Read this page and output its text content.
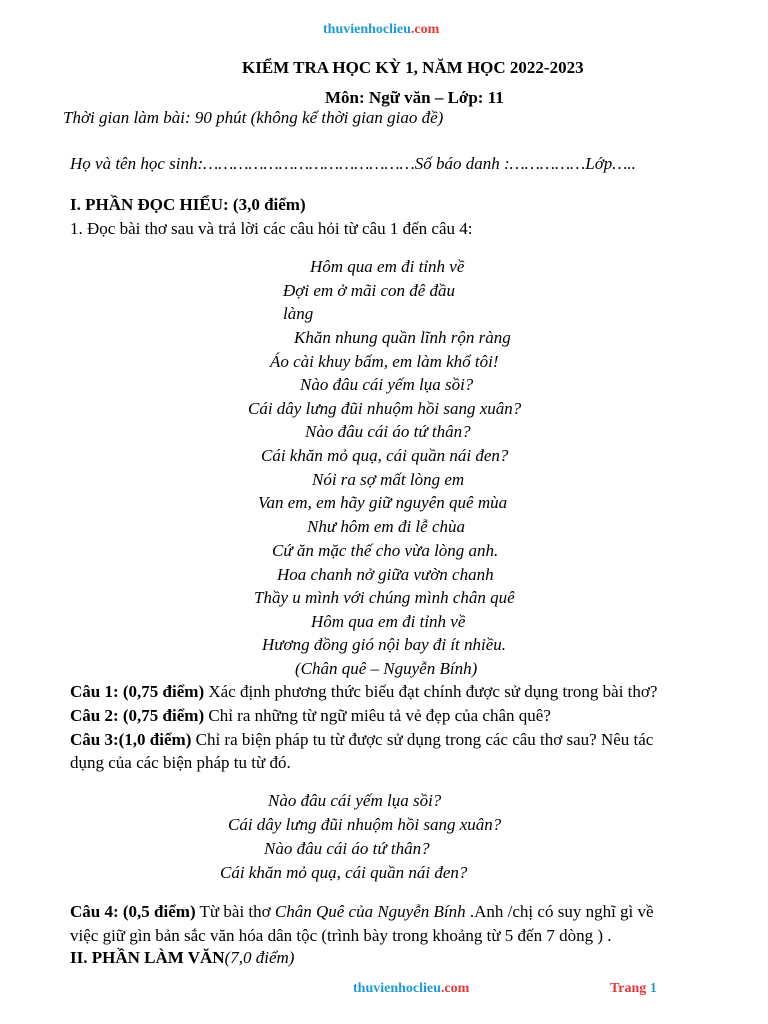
thuvienhoclieu.com
KIỂM TRA HỌC KỲ 1, NĂM HỌC 2022-2023
Môn: Ngữ văn – Lớp: 11
Thời gian làm bài: 90 phút (không kể thời gian giao đề)
Họ và tên học sinh:……………………………………Số báo danh :……………Lớp…..
I. PHẦN ĐỌC HIỂU: (3,0 điểm)
1. Đọc bài thơ sau và trả lời các câu hỏi từ câu 1 đến câu 4:
Hôm qua em đi tỉnh về
Đợi em ở mãi con đê đầu
làng
Khăn nhung quần lĩnh rộn ràng
Áo cài khuy bấm, em làm khổ tôi!
Nào đâu cái yếm lụa sồi?
Cái dây lưng đũi nhuộm hồi sang xuân?
Nào đâu cái áo tứ thân?
Cái khăn mỏ quạ, cái quần nái đen?
Nói ra sợ mất lòng em
Van em, em hãy giữ nguyên quê mùa
Như hôm em đi lễ chùa
Cứ ăn mặc thế cho vừa lòng anh.
Hoa chanh nở giữa vườn chanh
Thầy u mình với chúng mình chân quê
Hôm qua em đi tỉnh về
Hương đồng gió nội bay đi ít nhiều.
(Chân quê – Nguyễn Bính)
Câu 1: (0,75 điểm) Xác định phương thức biểu đạt chính được sử dụng trong bài thơ?
Câu 2: (0,75 điểm) Chỉ ra những từ ngữ miêu tả vẻ đẹp của chân quê?
Câu 3:(1,0 điểm) Chỉ ra biện pháp tu từ được sử dụng trong các câu thơ sau? Nêu tác
dụng của các biện pháp tu từ đó.
Nào đâu cái yếm lụa sồi?
Cái dây lưng đũi nhuộm hồi sang xuân?
Nào đâu cái áo tứ thân?
Cái khăn mỏ quạ, cái quần nái đen?
Câu 4: (0,5 điểm) Từ bài thơ Chân Quê của Nguyễn Bính .Anh /chị có suy nghĩ gì về
việc giữ gìn bản sắc văn hóa dân tộc (trình bày trong khoảng từ 5 đến 7 dòng ) .
II. PHẦN LÀM VĂN(7,0 điểm)
thuvienhoclieu.com	Trang 1
